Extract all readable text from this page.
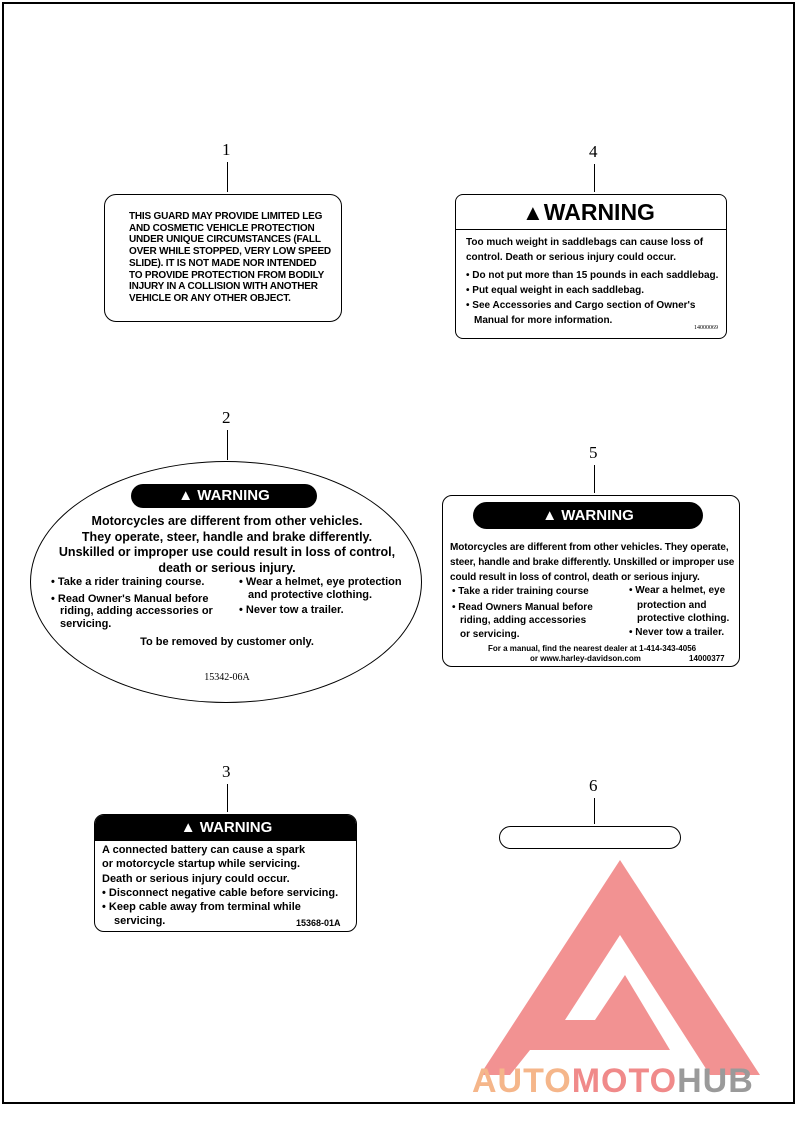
AUTOMOTOHUB
1
THIS GUARD MAY PROVIDE LIMITED LEG
AND COSMETIC VEHICLE PROTECTION
UNDER UNIQUE CIRCUMSTANCES (FALL
OVER WHILE STOPPED, VERY LOW SPEED
SLIDE). IT IS NOT MADE NOR INTENDED
TO PROVIDE PROTECTION FROM BODILY
INJURY IN A COLLISION WITH ANOTHER
VEHICLE OR ANY OTHER OBJECT.
4
▲WARNING
Too much weight in saddlebags can cause loss of
control. Death or serious injury could occur.
• Do not put more than 15 pounds in each saddlebag.
• Put equal weight in each saddlebag.
• See Accessories and Cargo section of Owner's
Manual for more information.
14000069
2
▲ WARNING
Motorcycles are different from other vehicles.
They operate, steer, handle and brake differently.
Unskilled or improper use could result in loss of control,
death or serious injury.
• Take a rider training course.
• Read Owner's Manual before
riding, adding accessories or
servicing.
• Wear a helmet, eye protection
and protective clothing.
• Never tow a trailer.
To be removed by customer only.
15342-06A
5
▲ WARNING
Motorcycles are different from other vehicles. They operate,
steer, handle and brake differently. Unskilled or improper use
could result in loss of control, death or serious injury.
• Take a rider training course
• Read Owners Manual before
riding, adding accessories
or servicing.
• Wear a helmet, eye
protection and
protective clothing.
• Never tow a trailer.
For a manual, find the nearest dealer at 1-414-343-4056
or www.harley-davidson.com	14000377
3
▲ WARNING
A connected battery can cause a spark
or motorcycle startup while servicing.
Death or serious injury could occur.
• Disconnect negative cable before servicing.
• Keep cable away from terminal while
servicing.	15368-01A
6
